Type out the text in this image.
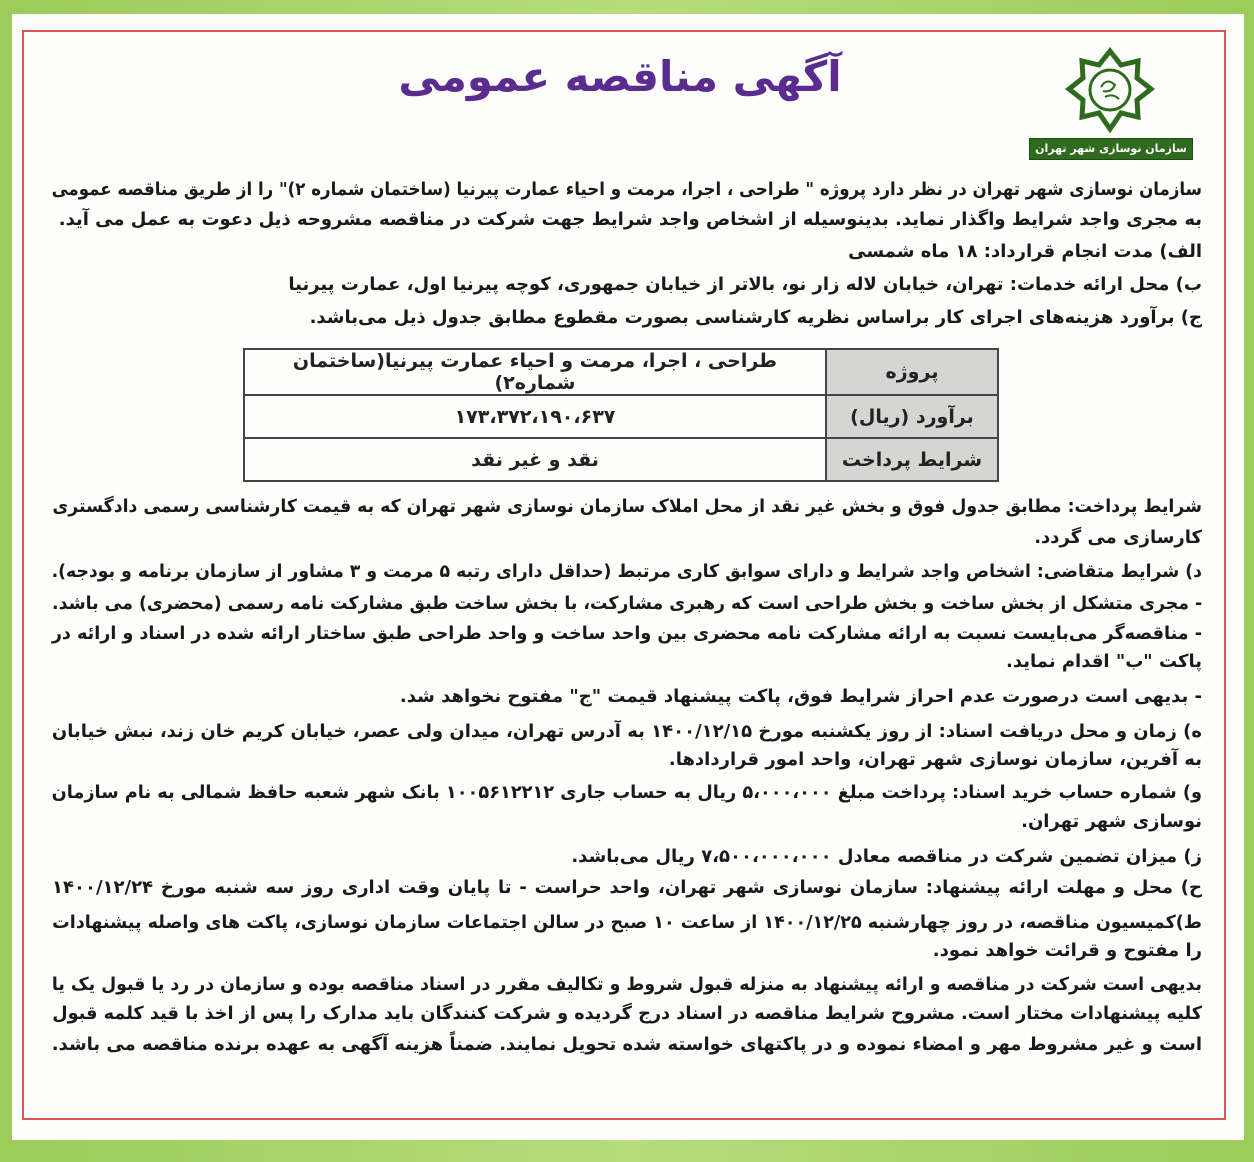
آگهی مناقصه عمومی
سازمان نوسازی شهر تهران
سازمان نوسازی شهر تهران در نظر دارد پروژه " طراحی ، اجرا، مرمت و احیاء عمارت پیرنیا (ساختمان شماره ۲)" را از طریق مناقصه عمومی
به مجری واجد شرایط واگذار نماید. بدینوسیله از اشخاص واجد شرایط جهت شرکت در مناقصه مشروحه ذیل دعوت به عمل می آید.
الف) مدت انجام قرارداد: ۱۸ ماه شمسی
ب) محل ارائه خدمات: تهران، خیابان لاله زار نو، بالاتر از خیابان جمهوری، کوچه پیرنیا اول، عمارت پیرنیا
ج) برآورد هزینه‌های اجرای کار براساس نظریه کارشناسی بصورت مقطوع مطابق جدول ذیل می‌باشد.
پروژه	طراحی ، اجرا، مرمت و احیاء عمارت پیرنیا(ساختمان شماره۲)
برآورد (ریال)	۱۷۳،۳۷۲،۱۹۰،۶۳۷
شرایط پرداخت	نقد و غیر نقد
شرایط پرداخت: مطابق جدول فوق و بخش غیر نقد از محل املاک سازمان نوسازی شهر تهران که به قیمت کارشناسی رسمی دادگستری
کارسازی می گردد.
د) شرایط متقاضی: اشخاص واجد شرایط و دارای سوابق کاری مرتبط (حداقل دارای رتبه ۵ مرمت و ۳ مشاور از سازمان برنامه و بودجه).
- مجری متشکل از بخش ساخت و بخش طراحی است که رهبری مشارکت، با بخش ساخت طبق مشارکت نامه رسمی (محضری) می باشد.
- مناقصه‌گر می‌بایست نسبت به ارائه مشارکت نامه محضری بین واحد ساخت و واحد طراحی طبق ساختار ارائه شده در اسناد و ارائه در
پاکت "ب" اقدام نماید.
- بدیهی است درصورت عدم احراز شرایط فوق، پاکت پیشنهاد قیمت "ج" مفتوح نخواهد شد.
ه) زمان و محل دریافت اسناد: از روز یکشنبه مورخ ۱۴۰۰/۱۲/۱۵ به آدرس تهران، میدان ولی عصر، خیابان کریم خان زند، نبش خیابان
به آفرین، سازمان نوسازی شهر تهران، واحد امور قراردادها.
و) شماره حساب خرید اسناد: پرداخت مبلغ ۵،۰۰۰،۰۰۰ ریال به حساب جاری ۱۰۰۵۶۱۲۲۱۲ بانک شهر شعبه حافظ شمالی به نام سازمان
نوسازی شهر تهران.
ز) میزان تضمین شرکت در مناقصه معادل ۷،۵۰۰،۰۰۰،۰۰۰ ریال می‌باشد.
ح) محل و مهلت ارائه پیشنهاد: سازمان نوسازی شهر تهران، واحد حراست - تا پایان وقت اداری روز سه شنبه مورخ ۱۴۰۰/۱۲/۲۴
ط)کمیسیون مناقصه، در روز چهارشنبه ۱۴۰۰/۱۲/۲۵ از ساعت ۱۰ صبح در سالن اجتماعات سازمان نوسازی، پاکت های واصله پیشنهادات
را مفتوح و قرائت خواهد نمود.
بدیهی است شرکت در مناقصه و ارائه پیشنهاد به منزله قبول شروط و تکالیف مقرر در اسناد مناقصه بوده و سازمان در رد یا قبول یک یا
کلیه پیشنهادات مختار است. مشروح شرایط مناقصه در اسناد درج گردیده و شرکت کنندگان باید مدارک را پس از اخذ با قید کلمه قبول
است و غیر مشروط مهر و امضاء نموده و در پاکتهای خواسته شده تحویل نمایند. ضمناً هزینه آگهی به عهده برنده مناقصه می باشد.
